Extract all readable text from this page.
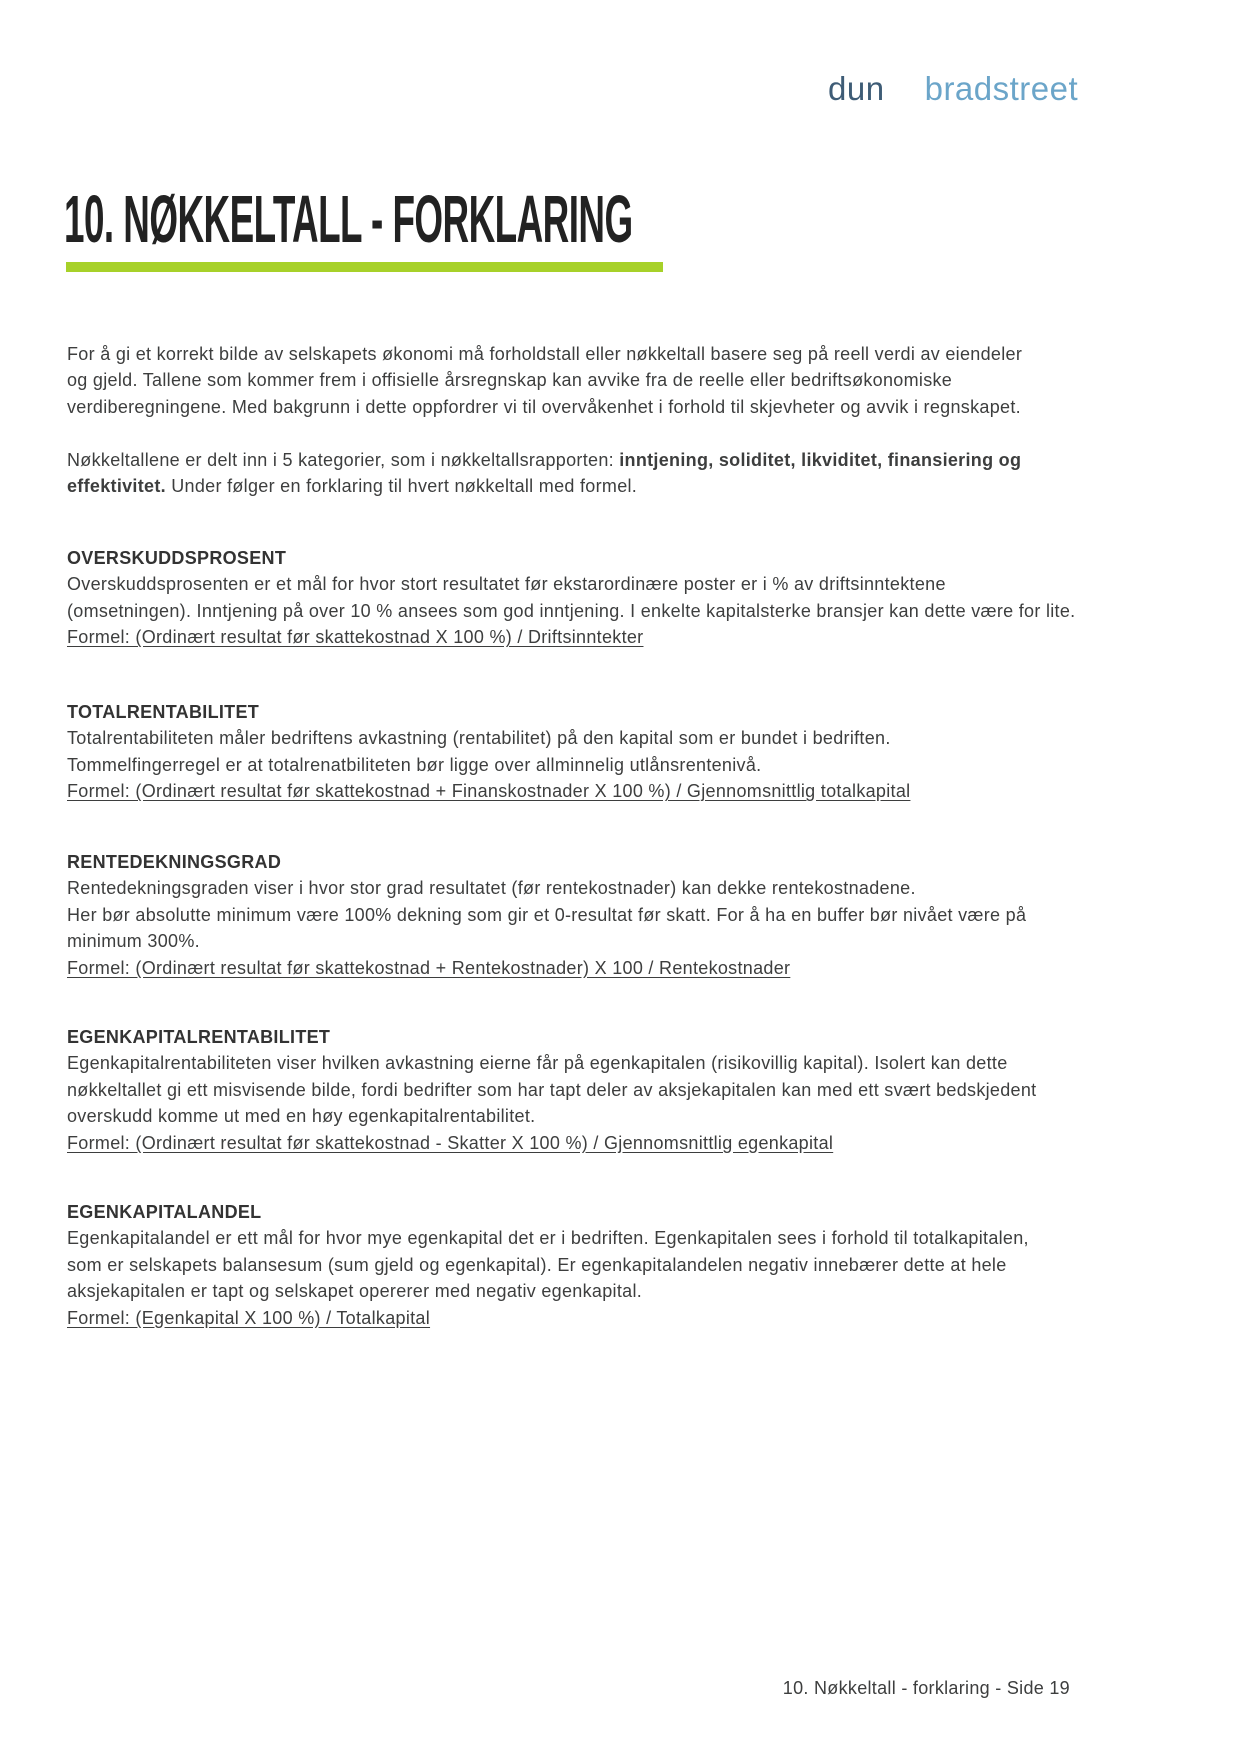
dun & bradstreet
10. NØKKELTALL - FORKLARING
For å gi et korrekt bilde av selskapets økonomi må forholdstall eller nøkkeltall basere seg på reell verdi av eiendeler
og gjeld. Tallene som kommer frem i offisielle årsregnskap kan avvike fra de reelle eller bedriftsøkonomiske
verdiberegningene. Med bakgrunn i dette oppfordrer vi til overvåkenhet i forhold til skjevheter og avvik i regnskapet.
Nøkkeltallene er delt inn i 5 kategorier, som i nøkkeltallsrapporten: inntjening, soliditet, likviditet, finansiering og
effektivitet. Under følger en forklaring til hvert nøkkeltall med formel.
OVERSKUDDSPROSENT
Overskuddsprosenten er et mål for hvor stort resultatet før ekstarordinære poster er i % av driftsinntektene
(omsetningen). Inntjening på over 10 % ansees som god inntjening. I enkelte kapitalsterke bransjer kan dette være for lite.
Formel: (Ordinært resultat før skattekostnad X 100 %) / Driftsinntekter
TOTALRENTABILITET
Totalrentabiliteten måler bedriftens avkastning (rentabilitet) på den kapital som er bundet i bedriften.
Tommelfingerregel er at totalrenatbiliteten bør ligge over allminnelig utlånsrentenivå.
Formel: (Ordinært resultat før skattekostnad + Finanskostnader X 100 %) / Gjennomsnittlig totalkapital
RENTEDEKNINGSGRAD
Rentedekningsgraden viser i hvor stor grad resultatet (før rentekostnader) kan dekke rentekostnadene.
Her bør absolutte minimum være 100% dekning som gir et 0-resultat før skatt. For å ha en buffer bør nivået være på
minimum 300%.
Formel: (Ordinært resultat før skattekostnad + Rentekostnader) X 100 / Rentekostnader
EGENKAPITALRENTABILITET
Egenkapitalrentabiliteten viser hvilken avkastning eierne får på egenkapitalen (risikovillig kapital). Isolert kan dette
nøkkeltallet gi ett misvisende bilde, fordi bedrifter som har tapt deler av aksjekapitalen kan med ett svært bedskjedent
overskudd komme ut med en høy egenkapitalrentabilitet.
Formel: (Ordinært resultat før skattekostnad - Skatter X 100 %) / Gjennomsnittlig egenkapital
EGENKAPITALANDEL
Egenkapitalandel er ett mål for hvor mye egenkapital det er i bedriften. Egenkapitalen sees i forhold til totalkapitalen,
som er selskapets balansesum (sum gjeld og egenkapital). Er egenkapitalandelen negativ innebærer dette at hele
aksjekapitalen er tapt og selskapet opererer med negativ egenkapital.
Formel: (Egenkapital X 100 %) / Totalkapital
10. Nøkkeltall - forklaring - Side 19
